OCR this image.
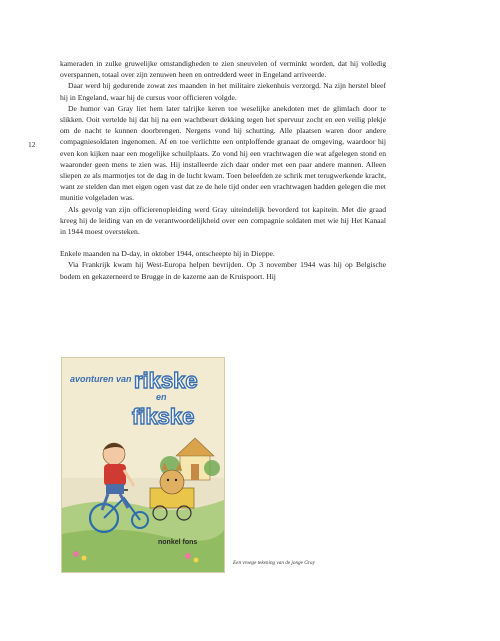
12

kameraden in zulke gruwelijke omstandigheden te zien sneuvelen of verminkt worden, dat hij volledig overspannen, totaal over zijn zenuwen heen en ontredderd weer in Engeland arriveerde.

Daar werd hij gedurende zowat zes maanden in het militaire ziekenhuis verzorgd. Na zijn herstel bleef hij in Engeland, waar hij de cursus voor officieren volgde.

De humor van Gray liet hem later talrijke keren toe weselijke anekdoten met de glimlach door te slikken. Ooit vertelde hij dat hij na een wachtbeurt dekking tegen het spervuur zocht en een veilig plekje om de nacht te kunnen doorbrengen. Nergens vond hij schutting. Alle plaatsen waren door andere compagniesoldaten ingenomen. Af en toe verlichtte een ontploffende granaat de omgeving, waardoor hij even kon kijken naar een mogelijke schuilplaats. Zo vond hij een vrachtwagen die wat afgelegen stond en waaronder geen mens te zien was. Hij installeerde zich daar onder met een paar andere mannen. Alleen sliepen ze als marmotjes tot de dag in de lucht kwam. Toen beleefden ze schrik met terugwerkende kracht, want ze stelden dan met eigen ogen vast dat ze de hele tijd onder een vrachtwagen hadden gelegen die met munitie volgeladen was.

Als gevolg van zijn officierenopleiding werd Gray uiteindelijk bevorderd tot kapitein. Met die graad kreeg hij de leiding van en de verantwoordelijkheid over een compagnie soldaten met wie hij Het Kanaal in 1944 moest oversteken.

Enkele maanden na D-day, in oktober 1944, ontscheepte hij in Dieppe.

Via Frankrijk kwam hij West-Europa helpen bevrijden. Op 3 november 1944 was hij op Belgische bodem en gekazerneerd te Brugge in de kazerne aan de Kruispoort. Hij

avonturen van rikske
en
fikske
nonkel fons
Een vroege tekening van de jonge Gray
